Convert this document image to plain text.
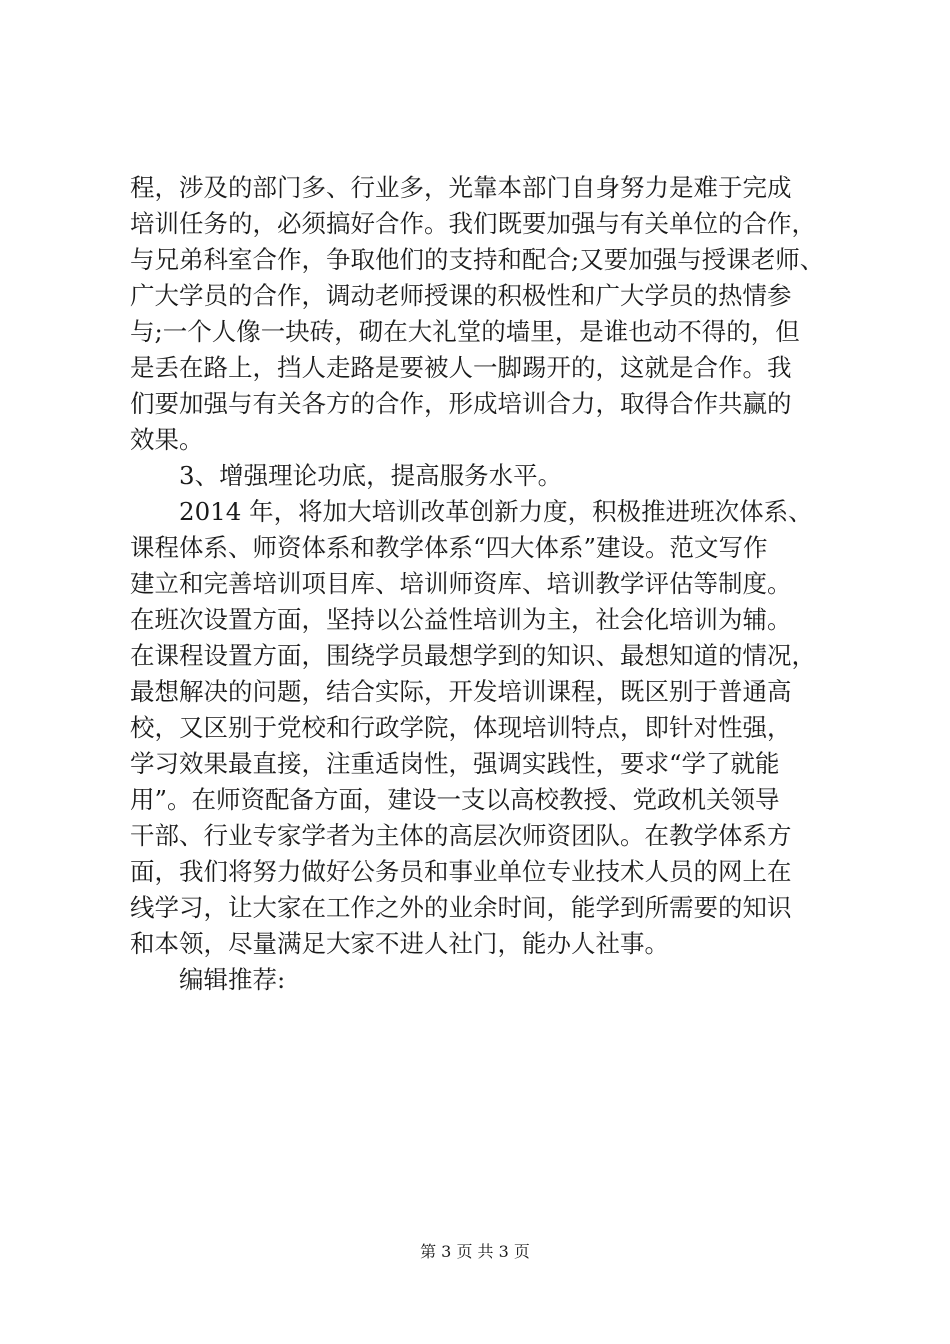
程，涉及的部门多、行业多，光靠本部门自身努力是难于完成
培训任务的，必须搞好合作。我们既要加强与有关单位的合作，
与兄弟科室合作，争取他们的支持和配合;又要加强与授课老师、
广大学员的合作，调动老师授课的积极性和广大学员的热情参
与;一个人像一块砖，砌在大礼堂的墙里，是谁也动不得的，但
是丢在路上，挡人走路是要被人一脚踢开的，这就是合作。我
们要加强与有关各方的合作，形成培训合力，取得合作共赢的
效果。
3、增强理论功底，提高服务水平。
2014 年，将加大培训改革创新力度，积极推进班次体系、
课程体系、师资体系和教学体系“四大体系”建设。范文写作
建立和完善培训项目库、培训师资库、培训教学评估等制度。
在班次设置方面，坚持以公益性培训为主，社会化培训为辅。
在课程设置方面，围绕学员最想学到的知识、最想知道的情况，
最想解决的问题，结合实际，开发培训课程，既区别于普通高
校，又区别于党校和行政学院，体现培训特点，即针对性强，
学习效果最直接，注重适岗性，强调实践性，要求“学了就能
用”。在师资配备方面，建设一支以高校教授、党政机关领导
干部、行业专家学者为主体的高层次师资团队。在教学体系方
面，我们将努力做好公务员和事业单位专业技术人员的网上在
线学习，让大家在工作之外的业余时间，能学到所需要的知识
和本领，尽量满足大家不进人社门，能办人社事。
编辑推荐:
第 3 页 共 3 页
